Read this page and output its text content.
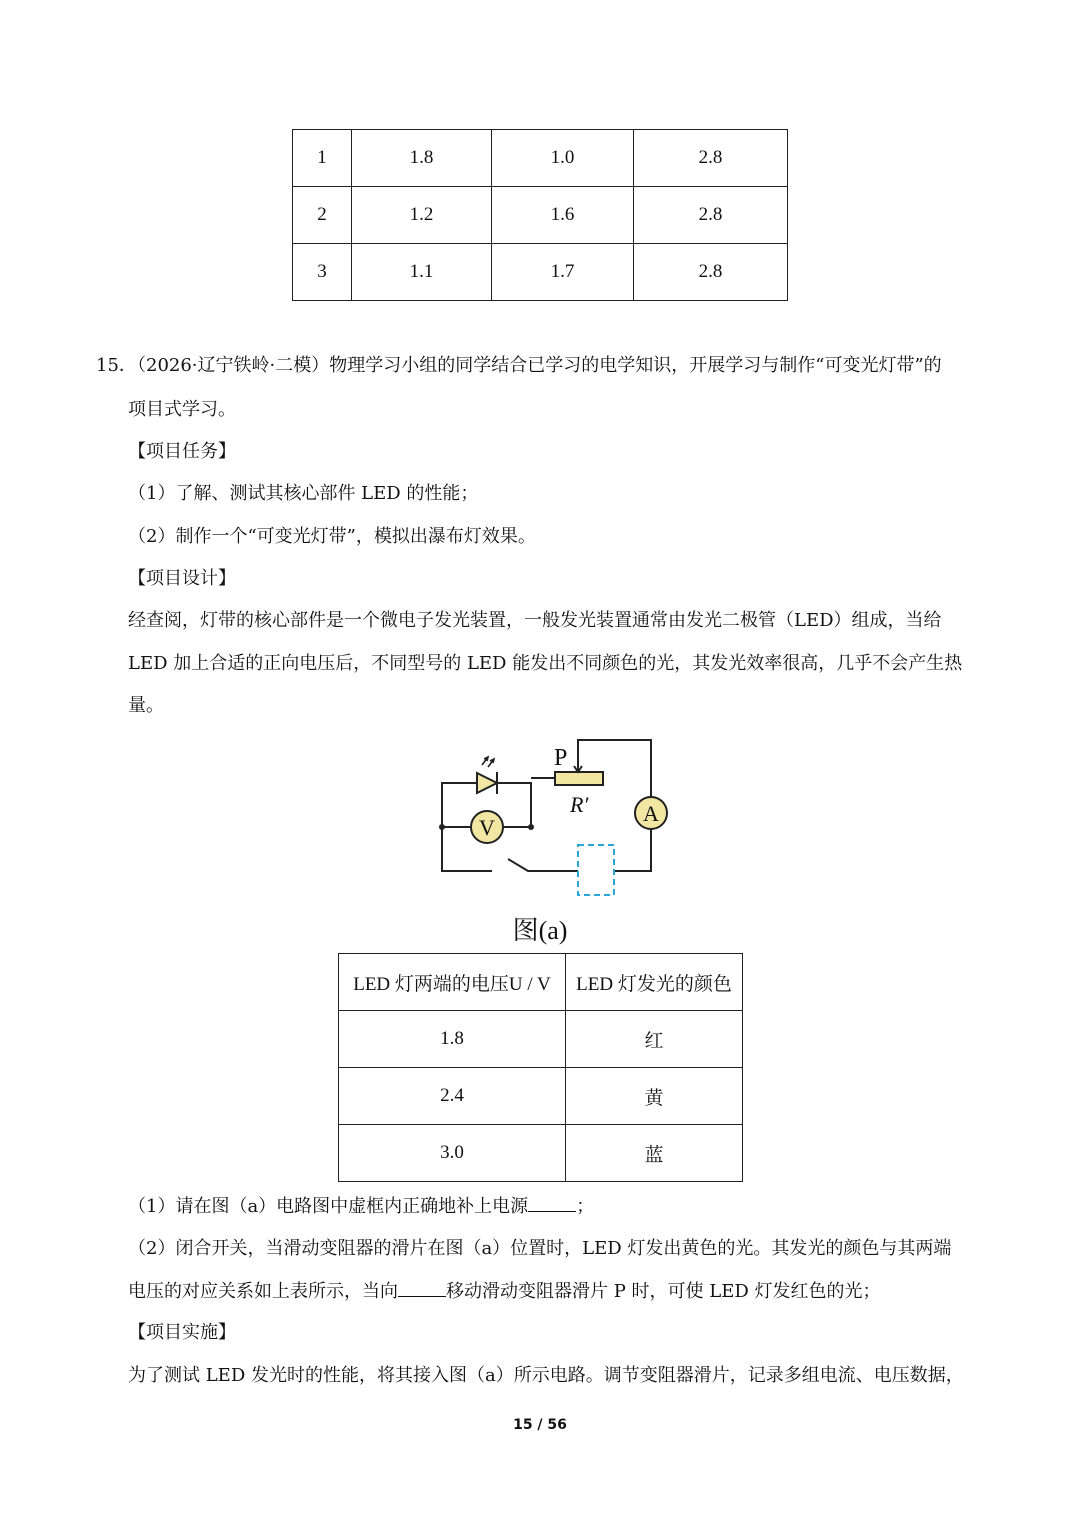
1	1.8	1.0	2.8
2	1.2	1.6	2.8
3	1.1	1.7	2.8
15．
（2026·辽宁铁岭·二模）物理学习小组的同学结合已学习的电学知识，开展学习与制作“可变光灯带”的
项目式学习。
【项目任务】
（1）了解、测试其核心部件 LED 的性能；
（2）制作一个“可变光灯带”，模拟出瀑布灯效果。
【项目设计】
经查阅，灯带的核心部件是一个微电子发光装置，一般发光装置通常由发光二极管（LED）组成，当给
LED 加上合适的正向电压后，不同型号的 LED 能发出不同颜色的光，其发光效率很高，几乎不会产生热
量。
P
R′
V
A
图(a)
LED 灯两端的电压U / V	LED 灯发光的颜色
1.8	红
2.4	黄
3.0	蓝
（1）请在图（a）电路图中虚框内正确地补上电源	；
（2）闭合开关，当滑动变阻器的滑片在图（a）位置时，LED 灯发出黄色的光。其发光的颜色与其两端
电压的对应关系如上表所示，当向	移动滑动变阻器滑片 P 时，可使 LED 灯发红色的光；
【项目实施】
为了测试 LED 发光时的性能，将其接入图（a）所示电路。调节变阻器滑片，记录多组电流、电压数据，
15 / 56
